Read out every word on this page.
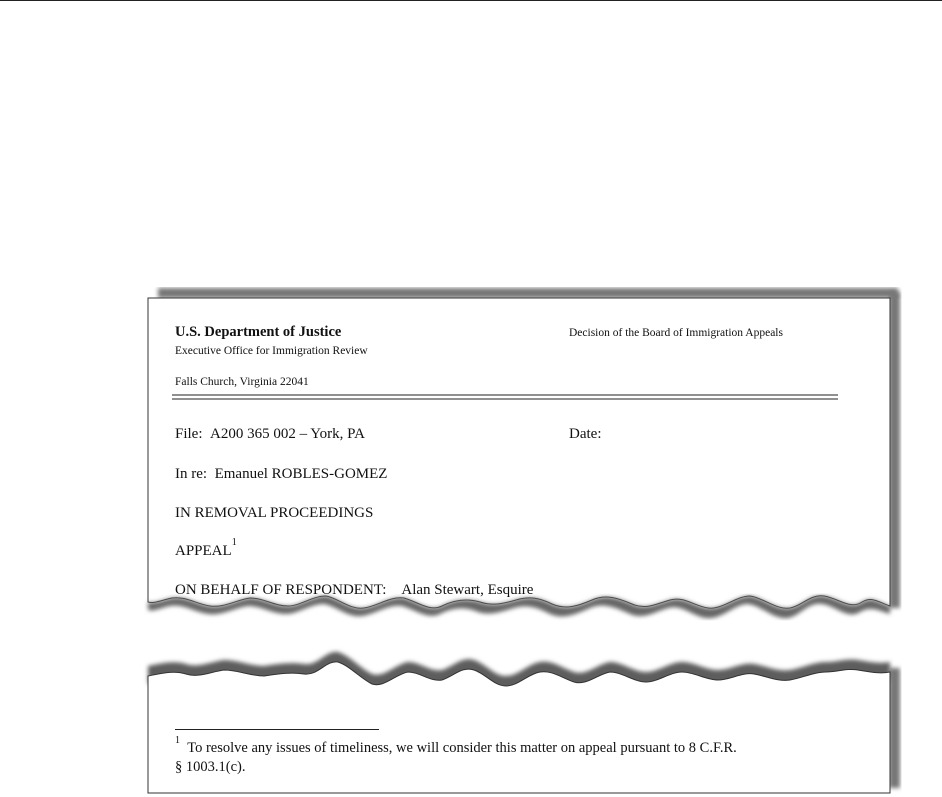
U.S. Department of Justice
Executive Office for Immigration Review
Falls Church, Virginia 22041
Decision of the Board of Immigration Appeals
File: A200 365 002 – York, PA	Date:
In re: Emanuel ROBLES-GOMEZ
IN REMOVAL PROCEEDINGS
APPEAL$^1$
ON BEHALF OF RESPONDENT: Alan Stewart, Esquire
$^1$ To resolve any issues of timeliness, we will consider this matter on appeal pursuant to 8 C.F.R.
§ 1003.1(c).
